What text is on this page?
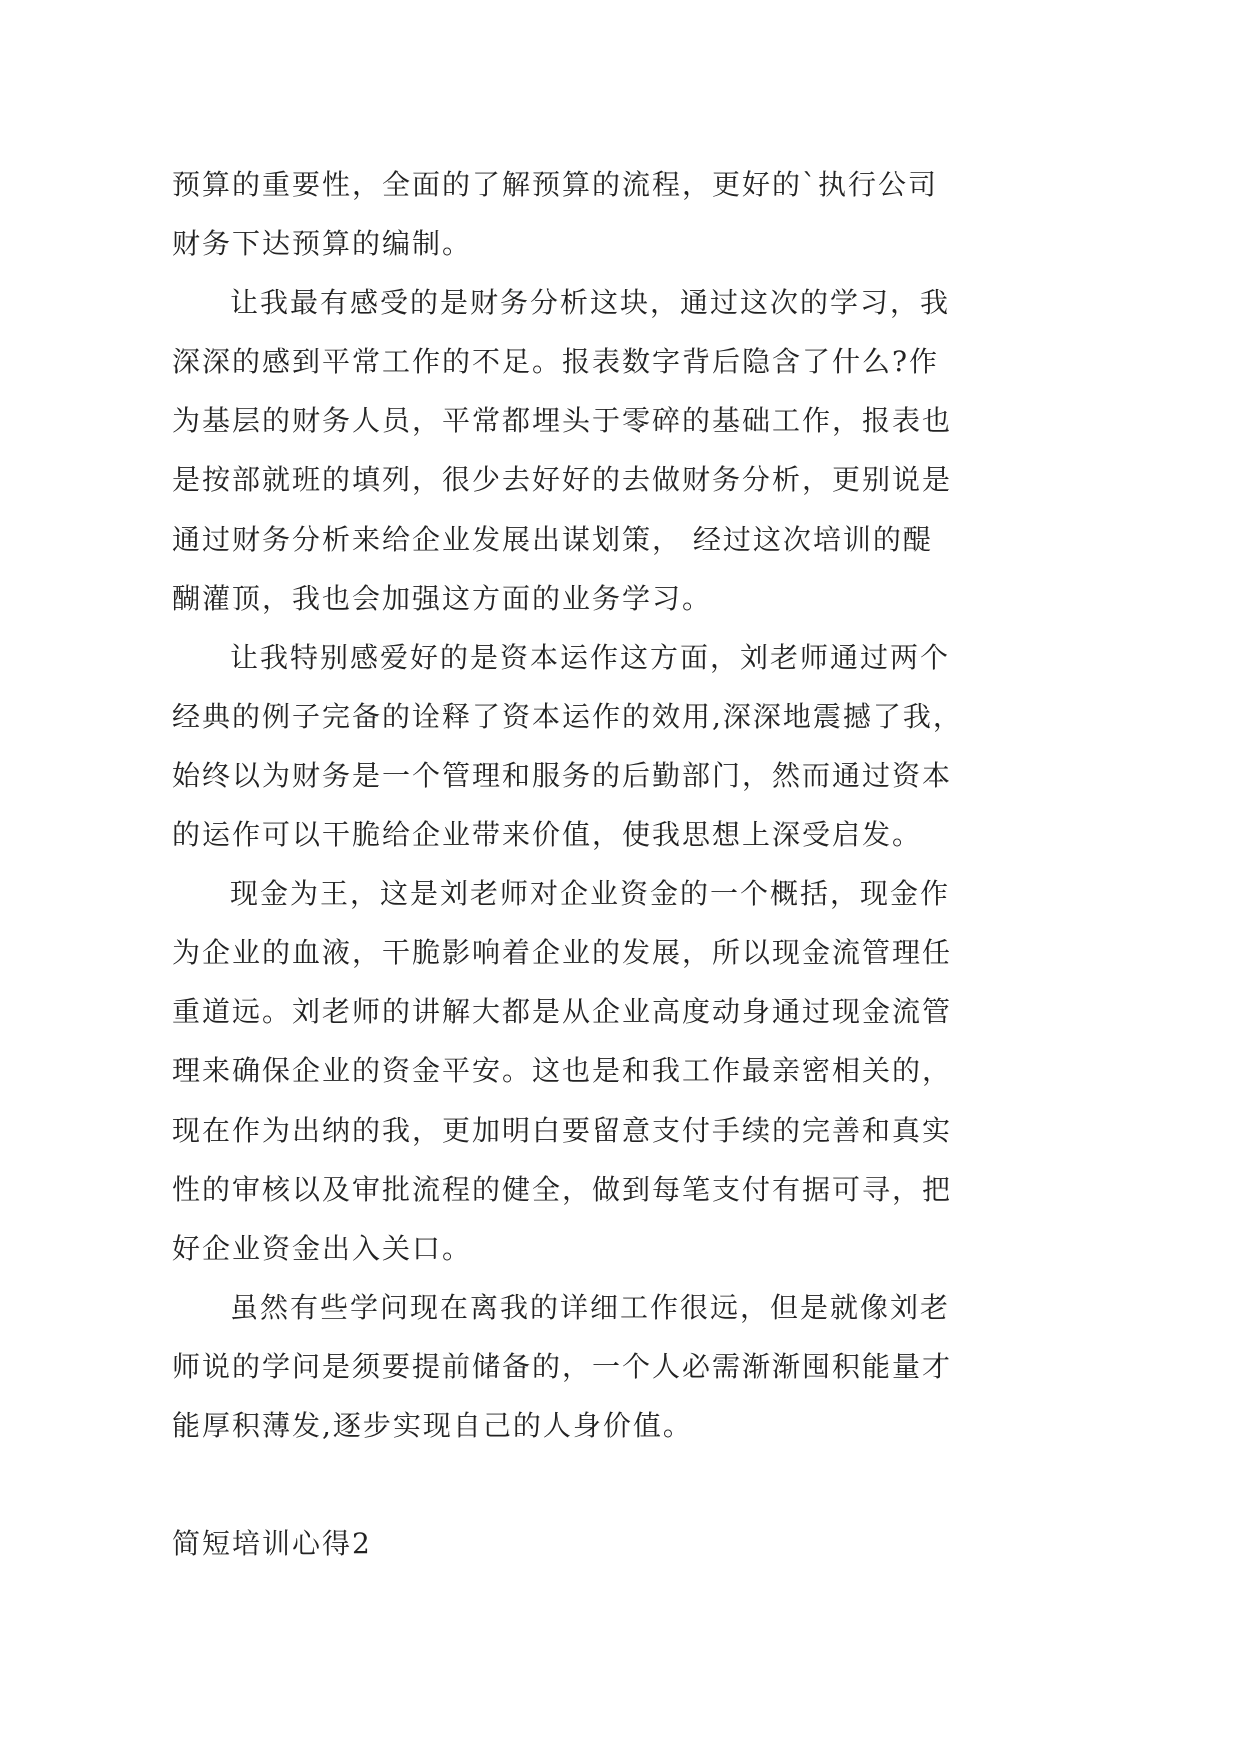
预算的重要性，全面的了解预算的流程，更好的`执行公司
财务下达预算的编制。
让我最有感受的是财务分析这块，通过这次的学习，我
深深的感到平常工作的不足。报表数字背后隐含了什么?作
为基层的财务人员，平常都埋头于零碎的基础工作，报表也
是按部就班的填列，很少去好好的去做财务分析，更别说是
通过财务分析来给企业发展出谋划策， 经过这次培训的醍
醐灌顶，我也会加强这方面的业务学习。
让我特别感爱好的是资本运作这方面，刘老师通过两个
经典的例子完备的诠释了资本运作的效用,深深地震撼了我，
始终以为财务是一个管理和服务的后勤部门，然而通过资本
的运作可以干脆给企业带来价值，使我思想上深受启发。
现金为王，这是刘老师对企业资金的一个概括，现金作
为企业的血液，干脆影响着企业的发展，所以现金流管理任
重道远。刘老师的讲解大都是从企业高度动身通过现金流管
理来确保企业的资金平安。这也是和我工作最亲密相关的，
现在作为出纳的我，更加明白要留意支付手续的完善和真实
性的审核以及审批流程的健全，做到每笔支付有据可寻，把
好企业资金出入关口。
虽然有些学问现在离我的详细工作很远，但是就像刘老
师说的学问是须要提前储备的，一个人必需渐渐囤积能量才
能厚积薄发,逐步实现自己的人身价值。
简短培训心得2
